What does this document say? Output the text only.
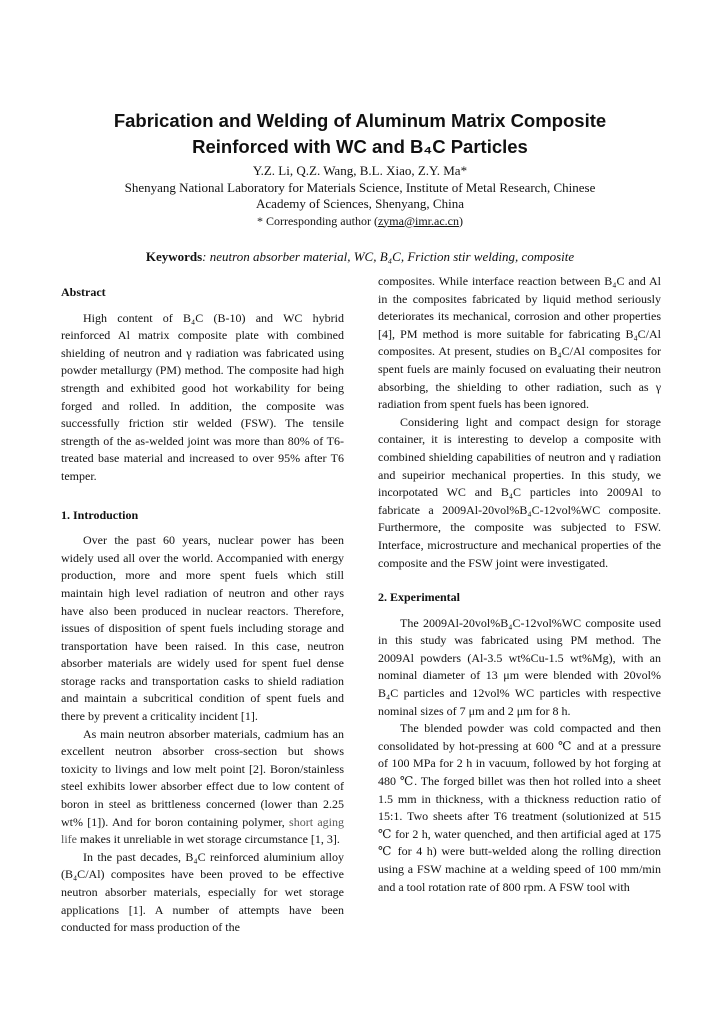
Fabrication and Welding of Aluminum Matrix Composite
Reinforced with WC and B₄C Particles
Y.Z. Li, Q.Z. Wang, B.L. Xiao, Z.Y. Ma*
Shenyang National Laboratory for Materials Science, Institute of Metal Research, Chinese
Academy of Sciences, Shenyang, China
* Corresponding author (zyma@imr.ac.cn)
Keywords: neutron absorber material, WC, B₄C, Friction stir welding, composite
Abstract

High content of B₄C (B-10) and WC hybrid reinforced Al matrix composite plate with combined shielding of neutron and γ radiation was fabricated using powder metallurgy (PM) method. The composite had high strength and exhibited good hot workability for being forged and rolled. In addition, the composite was successfully friction stir welded (FSW). The tensile strength of the as-welded joint was more than 80% of T6-treated base material and increased to over 95% after T6 temper.

1. Introduction

Over the past 60 years, nuclear power has been widely used all over the world. Accompanied with energy production, more and more spent fuels which still maintain high level radiation of neutron and other rays have also been produced in nuclear reactors. Therefore, issues of disposition of spent fuels including storage and transportation have been raised. In this case, neutron absorber materials are widely used for spent fuel dense storage racks and transportation casks to shield radiation and maintain a subcritical condition of spent fuels and there by prevent a criticality incident [1].

As main neutron absorber materials, cadmium has an excellent neutron absorber cross-section but shows toxicity to livings and low melt point [2]. Boron/stainless steel exhibits lower absorber effect due to low content of boron in steel as brittleness concerned (lower than 2.25 wt% [1]). And for boron containing polymer, short aging life makes it unreliable in wet storage circumstance [1, 3].

In the past decades, B₄C reinforced aluminium alloy (B₄C/Al) composites have been proved to be effective neutron absorber materials, especially for wet storage applications [1]. A number of attempts have been conducted for mass production of the

composites. While interface reaction between B₄C and Al in the composites fabricated by liquid method seriously deteriorates its mechanical, corrosion and other properties [4], PM method is more suitable for fabricating B₄C/Al composites. At present, studies on B₄C/Al composites for spent fuels are mainly focused on evaluating their neutron absorbing, the shielding to other radiation, such as γ radiation from spent fuels has been ignored.

Considering light and compact design for storage container, it is interesting to develop a composite with combined shielding capabilities of neutron and γ radiation and supeirior mechanical properties. In this study, we incorpotated WC and B₄C particles into 2009Al to fabricate a 2009Al-20vol%B₄C-12vol%WC composite. Furthermore, the composite was subjected to FSW. Interface, microstructure and mechanical properties of the composite and the FSW joint were investigated.

2. Experimental

The 2009Al-20vol%B₄C-12vol%WC composite used in this study was fabricated using PM method. The 2009Al powders (Al-3.5 wt%Cu-1.5 wt%Mg), with an nominal diameter of 13 μm were blended with 20vol% B₄C particles and 12vol% WC particles with respective nominal sizes of 7 μm and 2 μm for 8 h.

The blended powder was cold compacted and then consolidated by hot-pressing at 600 ℃ and at a pressure of 100 MPa for 2 h in vacuum, followed by hot forging at 480 ℃. The forged billet was then hot rolled into a sheet 1.5 mm in thickness, with a thickness reduction ratio of 15:1. Two sheets after T6 treatment (solutionized at 515 ℃ for 2 h, water quenched, and then artificial aged at 175 ℃ for 4 h) were butt-welded along the rolling direction using a FSW machine at a welding speed of 100 mm/min and a tool rotation rate of 800 rpm. A FSW tool with
